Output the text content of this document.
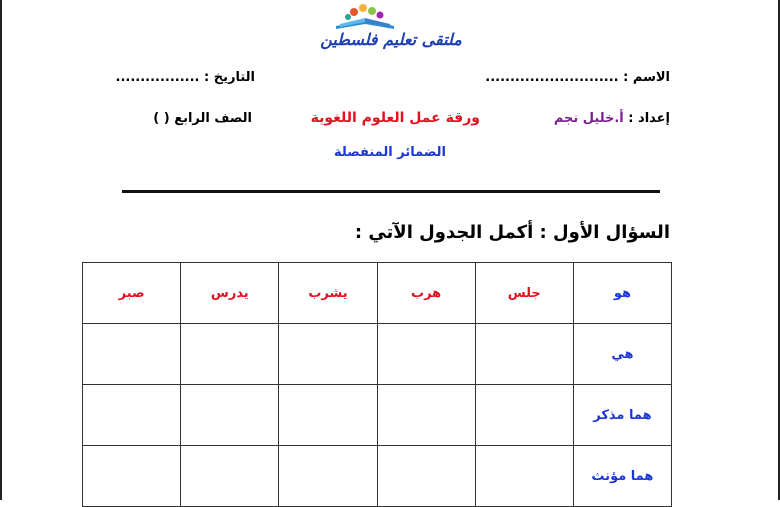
ملتقى تعليم فلسطين
الاسم : ...........................
التاريخ : .................
إعداد : أ.خليل نجم
ورقة عمل العلوم اللغوية
الصف الرابع ( )
الضمائر المنفصلة
السؤال الأول : أكمل الجدول الآتي :
هو	جلس	هرب	يشرب	يدرس	صبر
هي					
هما مذكر					
هما مؤنث					
